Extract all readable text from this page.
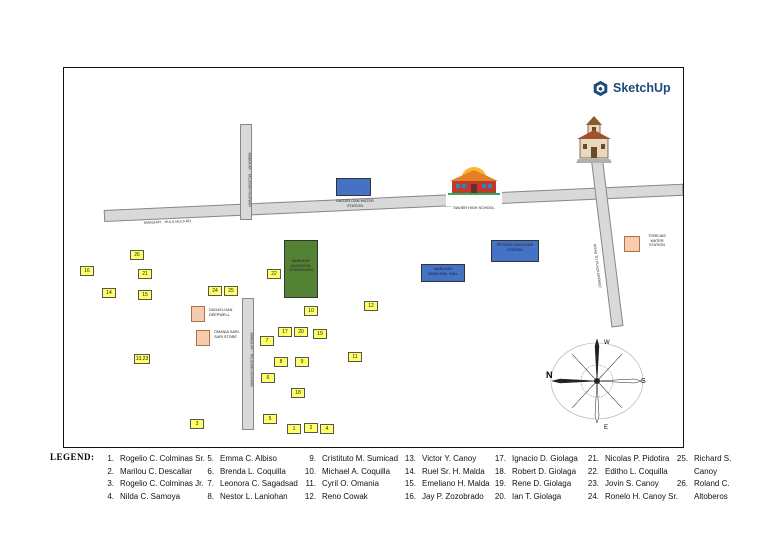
SketchUp
MABUHAY - HULA-HULA RD.
MABUHAY - TALUSAN HIGHWAY
MABUHAY - TALUSAN HIGHWAY
ROAD TO PLAZA MARKET
XAVIER HIGH SCHOOL
DAGAYLOAN WATER STATION
MABUHAY MUNICIPAL GYMNASIUM	MABUHAY MUNICIPAL HALL
PETRON GASOLINE STATION
TOREJAS WATER STATION
DAGAYLOAN DEEPWELL
OMANIA SARI-SARI STORE
26
16	21
14	15
24	25
22
12
10
17	20	19
7
8	9
6
11
13,23
5
18
3
1	2	4
N
S
E
W
LEGEND:	1. Rogelio C. Colminas Sr.
2. Marilou C. Descallar
3. Rogelio C. Colminas Jr.
4. Nilda C. Samoya
5. Emma C. Albiso
6. Brenda L. Coquilla
7. Leonora C. Sagadsad
8. Nestor L. Laniohan
9. Cristituto M. Sumicad
10. Michael A. Coquilla
11. Cyril O. Omania
12. Reno Cowak
13. Victor Y. Canoy
14. Ruel Sr. H. Malda
15. Emeliano H. Malda
16. Jay P. Zozobrado
17. Ignacio D. Giolaga
18. Robert D. Giolaga
19. Rene D. Giolaga
20. Ian T. Giolaga
21. Nicolas P. Pidotira
22. Editho L. Coquilla
23. Jovin S. Canoy
24. Ronelo H. Canoy Sr.
25. Richard S.
Canoy
26. Roland C.
Altoberos
